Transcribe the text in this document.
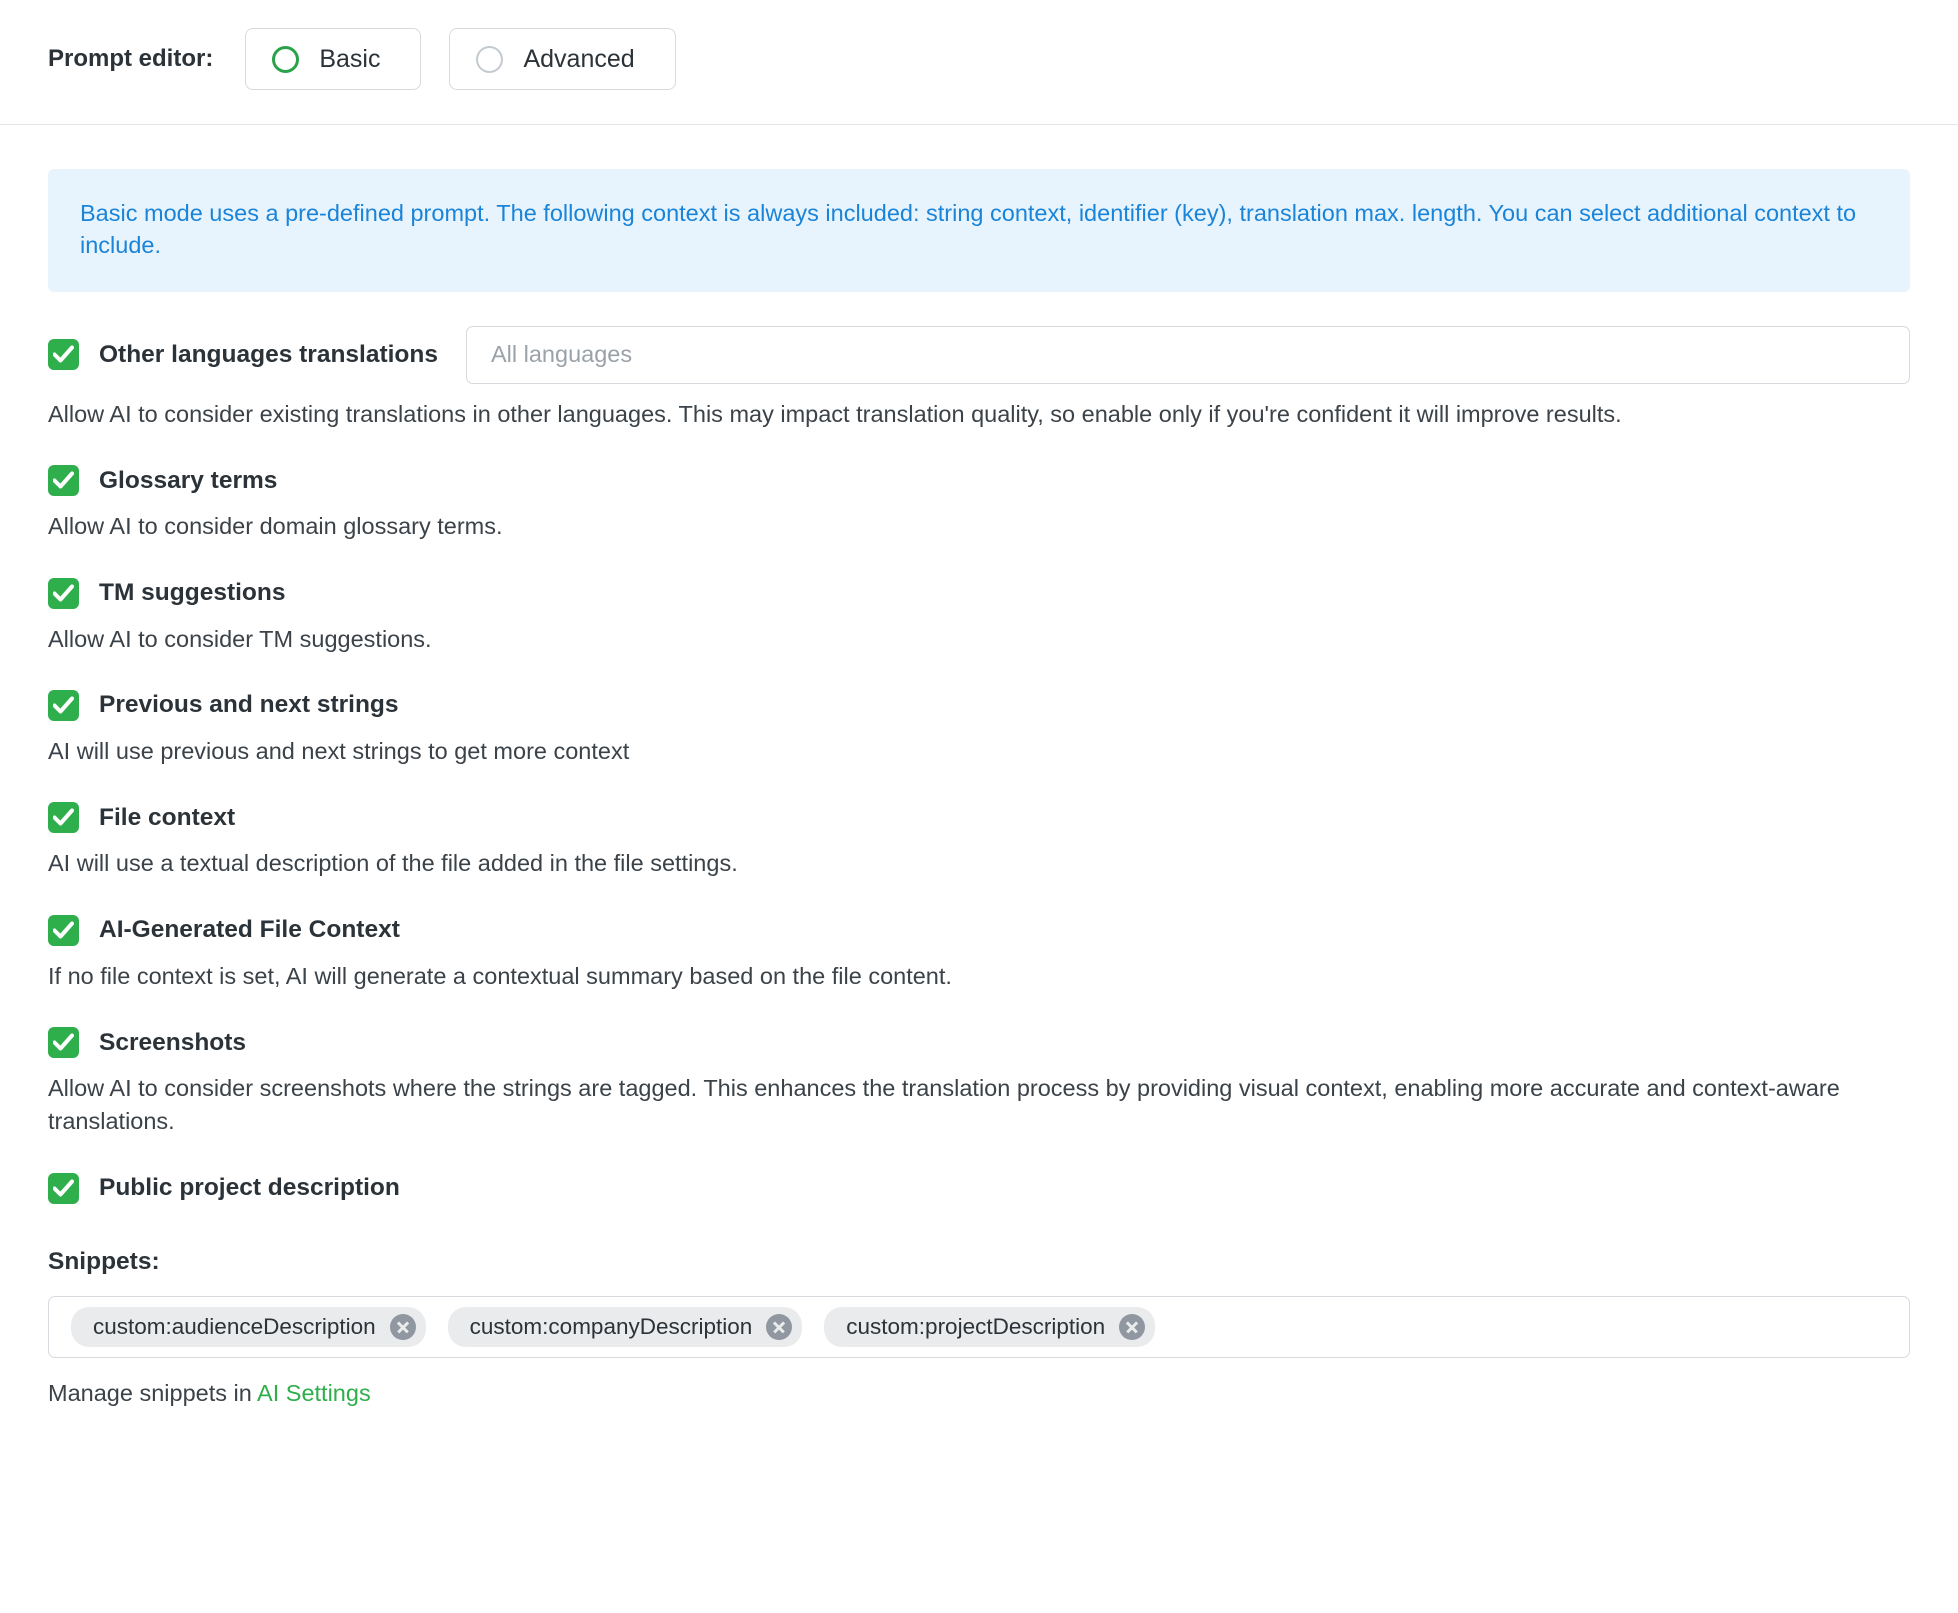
Prompt editor:	Basic	Advanced
Basic mode uses a pre-defined prompt. The following context is always included: string context, identifier (key), translation max. length. You can select additional context to include.
Other languages translations All languages
Allow AI to consider existing translations in other languages. This may impact translation quality, so enable only if you're confident it will improve results.
Glossary terms
Allow AI to consider domain glossary terms.
TM suggestions
Allow AI to consider TM suggestions.
Previous and next strings
AI will use previous and next strings to get more context
File context
AI will use a textual description of the file added in the file settings.
AI-Generated File Context
If no file context is set, AI will generate a contextual summary based on the file content.
Screenshots
Allow AI to consider screenshots where the strings are tagged. This enhances the translation process by providing visual context, enabling more accurate and context-aware translations.
Public project description
Snippets:
custom:audienceDescription	custom:companyDescription	custom:projectDescription
Manage snippets in AI Settings
